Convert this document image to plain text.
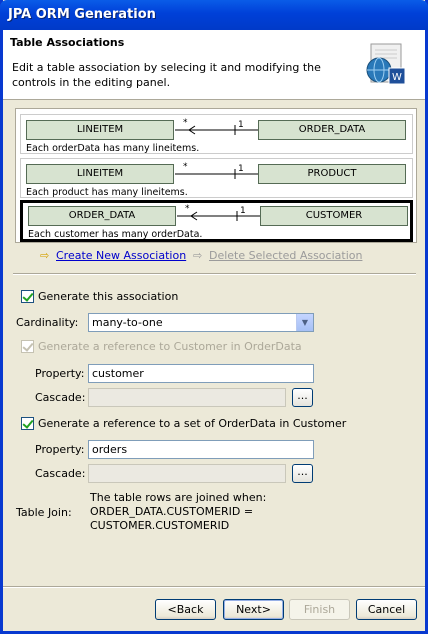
JPA ORM Generation
Table Associations
Edit a table association by selecing it and modifying the controls in the editing panel.	W
LINEITEM
*	1	ORDER_DATA
Each orderData has many lineitems.
LINEITEM
*	1	PRODUCT
Each product has many lineitems.
ORDER_DATA
*	1	CUSTOMER
Each customer has many orderData.
⇨ Create New Association ⇨ Delete Selected Association
Generate this association
Cardinality:	many-to-one	▼
Generate a reference to Customer in OrderData
Property: customer
Cascade:	...
Generate a reference to a set of OrderData in Customer
Property: orders
Cascade:	...
Table Join:
The table rows are joined when:
ORDER_DATA.CUSTOMERID =
CUSTOMER.CUSTOMERID
<Back	Next>	Finish	Cancel
